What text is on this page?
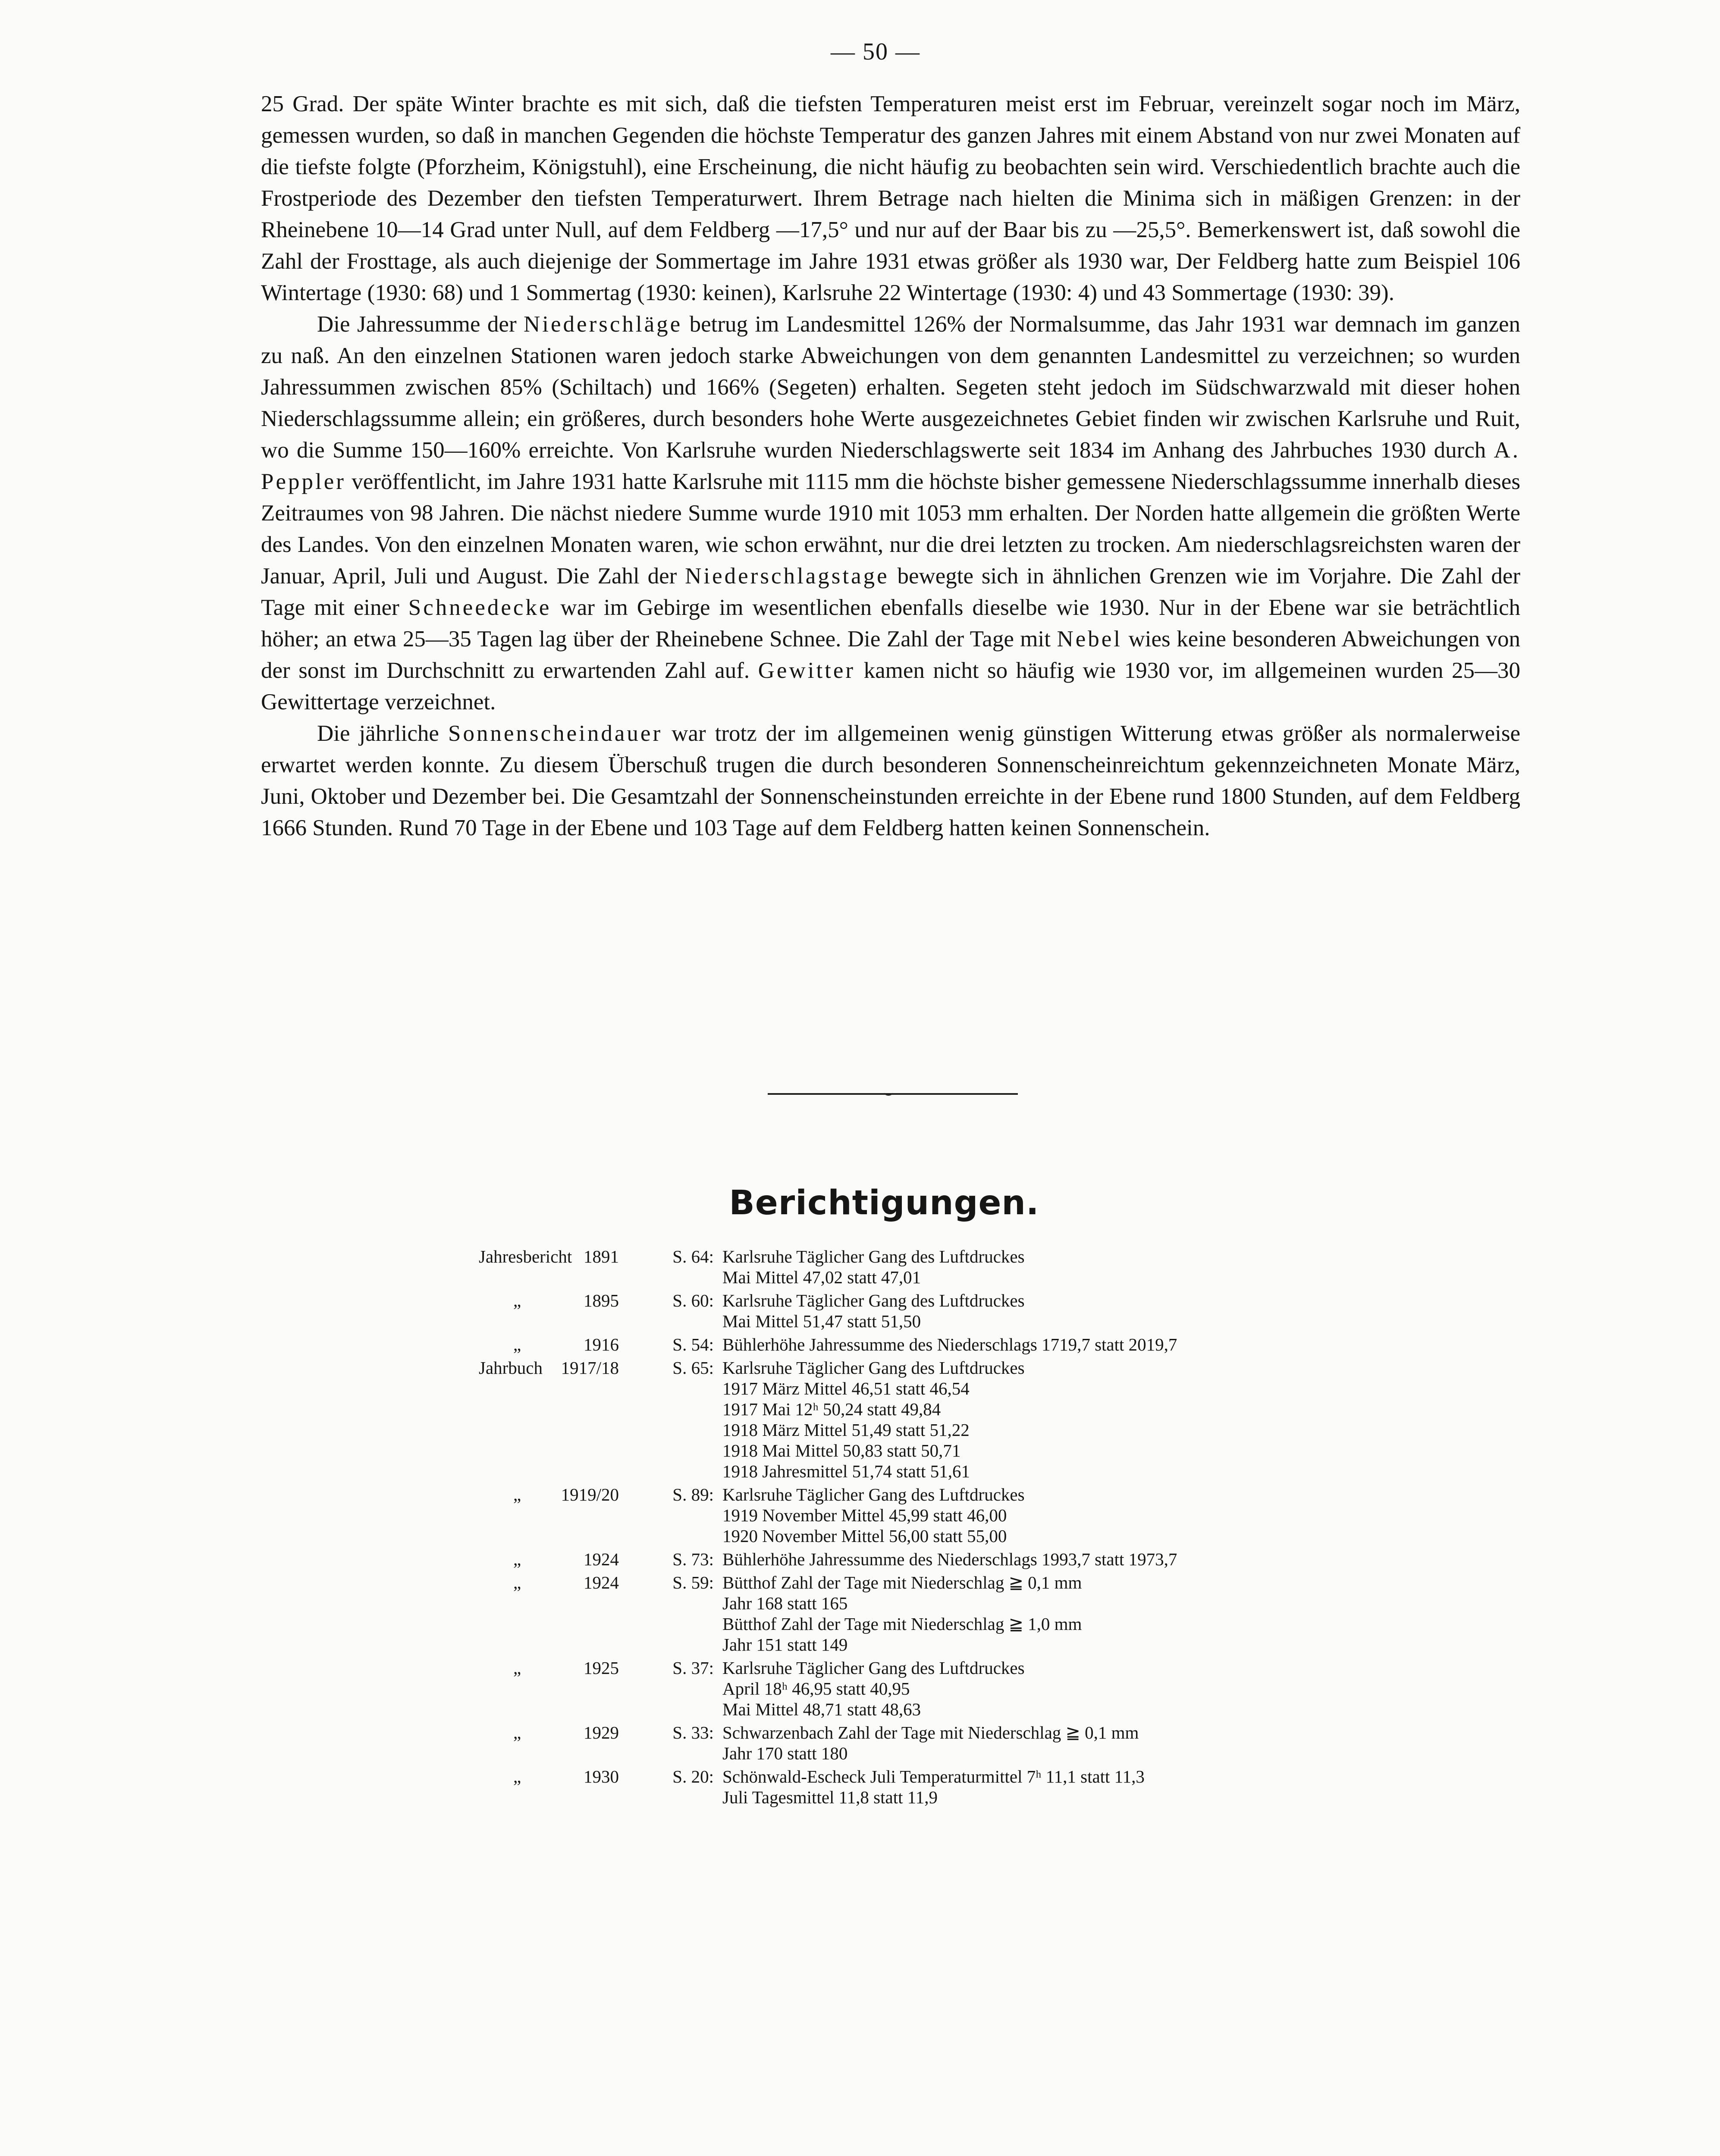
— 50 —

25 Grad. Der späte Winter brachte es mit sich, daß die tiefsten Temperaturen meist erst im Februar, vereinzelt sogar noch im März, gemessen wurden, so daß in manchen Gegenden die höchste Temperatur des ganzen Jahres mit einem Abstand von nur zwei Monaten auf die tiefste folgte (Pforzheim, Königstuhl), eine Erscheinung, die nicht häufig zu beobachten sein wird. Verschiedentlich brachte auch die Frostperiode des Dezember den tiefsten Temperaturwert. Ihrem Betrage nach hielten die Minima sich in mäßigen Grenzen: in der Rheinebene 10—14 Grad unter Null, auf dem Feldberg —17,5° und nur auf der Baar bis zu —25,5°. Bemerkenswert ist, daß sowohl die Zahl der Frosttage, als auch diejenige der Sommertage im Jahre 1931 etwas größer als 1930 war, Der Feldberg hatte zum Beispiel 106 Wintertage (1930: 68) und 1 Sommertag (1930: keinen), Karlsruhe 22 Wintertage (1930: 4) und 43 Sommertage (1930: 39).

Die Jahressumme der Niederschläge betrug im Landesmittel 126% der Normalsumme, das Jahr 1931 war demnach im ganzen zu naß. An den einzelnen Stationen waren jedoch starke Abweichungen von dem genannten Landesmittel zu verzeichnen; so wurden Jahressummen zwischen 85% (Schiltach) und 166% (Segeten) erhalten. Segeten steht jedoch im Südschwarzwald mit dieser hohen Niederschlagssumme allein; ein größeres, durch besonders hohe Werte ausgezeichnetes Gebiet finden wir zwischen Karlsruhe und Ruit, wo die Summe 150—160% erreichte. Von Karlsruhe wurden Niederschlagswerte seit 1834 im Anhang des Jahrbuches 1930 durch A. Peppler veröffentlicht, im Jahre 1931 hatte Karlsruhe mit 1115 mm die höchste bisher gemessene Niederschlagssumme innerhalb dieses Zeitraumes von 98 Jahren. Die nächst niedere Summe wurde 1910 mit 1053 mm erhalten. Der Norden hatte allgemein die größten Werte des Landes. Von den einzelnen Monaten waren, wie schon erwähnt, nur die drei letzten zu trocken. Am niederschlagsreichsten waren der Januar, April, Juli und August. Die Zahl der Niederschlagstage bewegte sich in ähnlichen Grenzen wie im Vorjahre. Die Zahl der Tage mit einer Schneedecke war im Gebirge im wesentlichen ebenfalls dieselbe wie 1930. Nur in der Ebene war sie beträchtlich höher; an etwa 25—35 Tagen lag über der Rheinebene Schnee. Die Zahl der Tage mit Nebel wies keine besonderen Abweichungen von der sonst im Durchschnitt zu erwartenden Zahl auf. Gewitter kamen nicht so häufig wie 1930 vor, im allgemeinen wurden 25—30 Gewittertage verzeichnet.

Die jährliche Sonnenscheindauer war trotz der im allgemeinen wenig günstigen Witterung etwas größer als normalerweise erwartet werden konnte. Zu diesem Überschuß trugen die durch besonderen Sonnenscheinreichtum gekennzeichneten Monate März, Juni, Oktober und Dezember bei. Die Gesamtzahl der Sonnenscheinstunden erreichte in der Ebene rund 1800 Stunden, auf dem Feldberg 1666 Stunden. Rund 70 Tage in der Ebene und 103 Tage auf dem Feldberg hatten keinen Sonnenschein.

Berichtigungen.
Jahresbericht 1891	S. 64: Karlsruhe Täglicher Gang des Luftdruckes
Mai Mittel 47,02 statt 47,01
„	1895	S. 60: Karlsruhe Täglicher Gang des Luftdruckes
Mai Mittel 51,47 statt 51,50
„	1916	S. 54: Bühlerhöhe Jahressumme des Niederschlags 1719,7 statt 2019,7
Jahrbuch	1917/18	S. 65: Karlsruhe Täglicher Gang des Luftdruckes
1917 März Mittel 46,51 statt 46,54
1917 Mai 12ʰ 50,24 statt 49,84
1918 März Mittel 51,49 statt 51,22
1918 Mai Mittel 50,83 statt 50,71
1918 Jahresmittel 51,74 statt 51,61
„	1919/20	S. 89: Karlsruhe Täglicher Gang des Luftdruckes
1919 November Mittel 45,99 statt 46,00
1920 November Mittel 56,00 statt 55,00
„	1924	S. 73: Bühlerhöhe Jahressumme des Niederschlags 1993,7 statt 1973,7
„	1924	S. 59: Bütthof Zahl der Tage mit Niederschlag ≧ 0,1 mm
Jahr 168 statt 165
Bütthof Zahl der Tage mit Niederschlag ≧ 1,0 mm
Jahr 151 statt 149
„	1925	S. 37: Karlsruhe Täglicher Gang des Luftdruckes
April 18ʰ 46,95 statt 40,95
Mai Mittel 48,71 statt 48,63
„	1929	S. 33: Schwarzenbach Zahl der Tage mit Niederschlag ≧ 0,1 mm
Jahr 170 statt 180
„	1930	S. 20: Schönwald-Escheck Juli Temperaturmittel 7ʰ 11,1 statt 11,3
Juli Tagesmittel 11,8 statt 11,9
